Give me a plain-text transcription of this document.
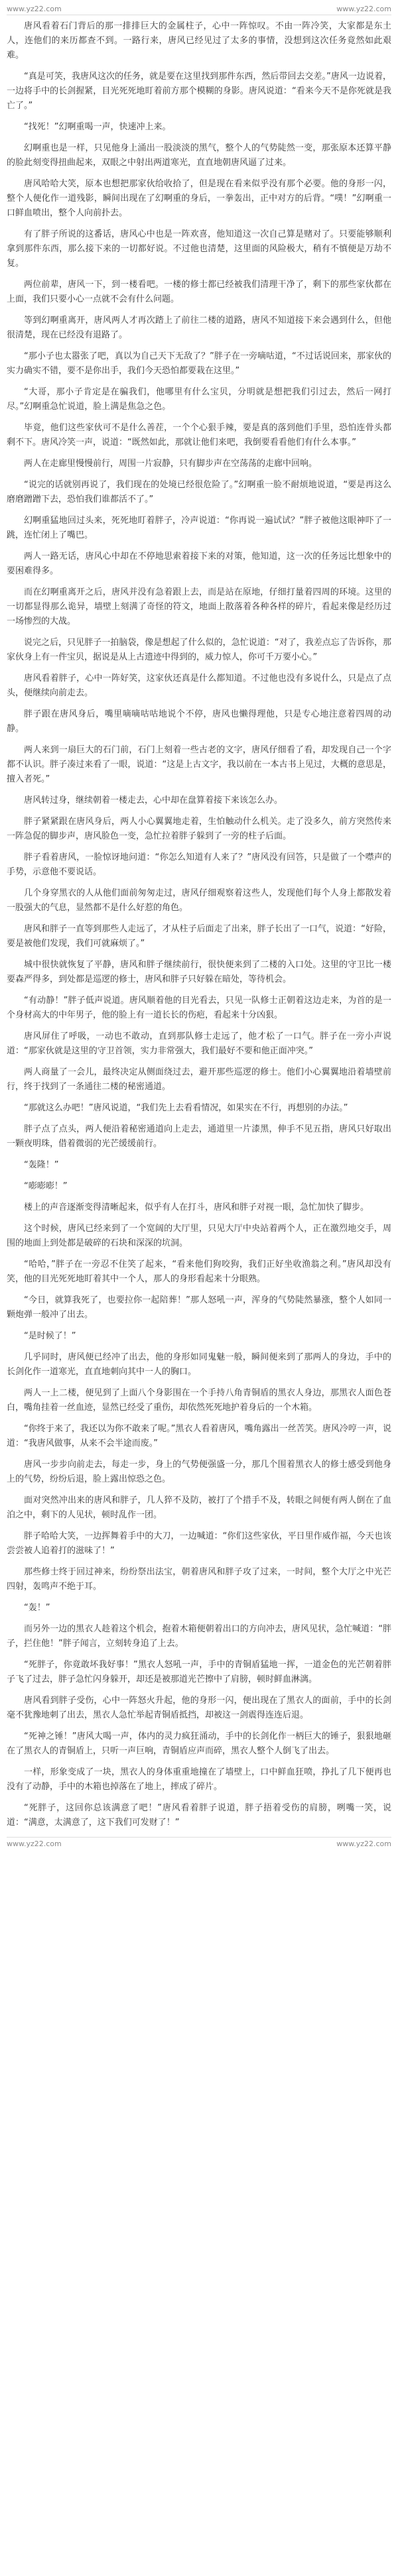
www.yz22.com	www.yz22.com

唐风看着石门背后的那一排排巨大的金属柱子，心中一阵惊叹。不由一阵冷笑，大家都是东土人，连他们的来历都查不到。一路行来，唐风已经见过了太多的事情，没想到这次任务竟然如此艰难。

“真是可笑，我唐风这次的任务，就是要在这里找到那件东西，然后带回去交差。”唐风一边说着，一边将手中的长剑握紧，目光死死地盯着前方那个模糊的身影。唐风说道：“看来今天不是你死就是我亡了。”

“找死！”幻啊重喝一声，快速冲上来。

幻啊重也是一样，只见他身上涌出一股淡淡的黑气，整个人的气势陡然一变，那张原本还算平静的脸此刻变得扭曲起来，双眼之中射出两道寒光，直直地朝唐风逼了过来。

唐风哈哈大笑，原本也想把那家伙给收拾了，但是现在看来似乎没有那个必要。他的身形一闪，整个人便化作一道残影，瞬间出现在了幻啊重的身后，一拳轰出，正中对方的后背。“噗！”幻啊重一口鲜血喷出，整个人向前扑去。

有了胖子所说的这番话，唐风心中也是一阵欢喜，他知道这一次自己算是赌对了。只要能够顺利拿到那件东西，那么接下来的一切都好说。不过他也清楚，这里面的风险极大，稍有不慎便是万劫不复。

两位前辈，唐风一下，到一楼看吧。一楼的修士都已经被我们清理干净了，剩下的那些家伙都在上面，我们只要小心一点就不会有什么问题。

等到幻啊重离开，唐风两人才再次踏上了前往二楼的道路，唐风不知道接下来会遇到什么，但他很清楚，现在已经没有退路了。

“那小子也太嚣张了吧，真以为自己天下无敌了？”胖子在一旁嘀咕道，“不过话说回来，那家伙的实力确实不错，要不是你出手，我们今天恐怕都要栽在这里。”

“大哥，那小子肯定是在骗我们，他哪里有什么宝贝，分明就是想把我们引过去，然后一网打尽。”幻啊重急忙说道，脸上满是焦急之色。

毕竟，他们这些家伙可不是什么善茬，一个个心狠手辣，要是真的落到他们手里，恐怕连骨头都剩不下。唐风冷笑一声，说道：“既然如此，那就让他们来吧，我倒要看看他们有什么本事。”

两人在走廊里慢慢前行，周围一片寂静，只有脚步声在空荡荡的走廊中回响。

“说完的话就别再说了，我们现在的处境已经很危险了。”幻啊重一脸不耐烦地说道，“要是再这么磨磨蹭蹭下去，恐怕我们谁都活不了。”

幻啊重猛地回过头来，死死地盯着胖子，冷声说道：“你再说一遍试试？”胖子被他这眼神吓了一跳，连忙闭上了嘴巴。

两人一路无话，唐风心中却在不停地思索着接下来的对策，他知道，这一次的任务远比想象中的要困难得多。

而在幻啊重离开之后，唐风并没有急着跟上去，而是站在原地，仔细打量着四周的环境。这里的一切都显得那么诡异，墙壁上刻满了奇怪的符文，地面上散落着各种各样的碎片，看起来像是经历过一场惨烈的大战。

说完之后，只见胖子一拍脑袋，像是想起了什么似的，急忙说道：“对了，我差点忘了告诉你，那家伙身上有一件宝贝，据说是从上古遗迹中得到的，威力惊人，你可千万要小心。”

唐风看着胖子，心中一阵好笑，这家伙还真是什么都知道。不过他也没有多说什么，只是点了点头，便继续向前走去。

胖子跟在唐风身后，嘴里嘀嘀咕咕地说个不停，唐风也懒得理他，只是专心地注意着四周的动静。

两人来到一扇巨大的石门前，石门上刻着一些古老的文字，唐风仔细看了看，却发现自己一个字都不认识。胖子凑过来看了一眼，说道：“这是上古文字，我以前在一本古书上见过，大概的意思是，擅入者死。”

唐风转过身，继续朝着一楼走去，心中却在盘算着接下来该怎么办。

胖子紧紧跟在唐风身后，两人小心翼翼地走着，生怕触动什么机关。走了没多久，前方突然传来一阵急促的脚步声，唐风脸色一变，急忙拉着胖子躲到了一旁的柱子后面。

胖子看着唐风，一脸惊讶地问道：“你怎么知道有人来了？”唐风没有回答，只是做了一个噤声的手势，示意他不要说话。

几个身穿黑衣的人从他们面前匆匆走过，唐风仔细观察着这些人，发现他们每个人身上都散发着一股强大的气息，显然都不是什么好惹的角色。

唐风和胖子一直等到那些人走远了，才从柱子后面走了出来，胖子长出了一口气，说道：“好险，要是被他们发现，我们可就麻烦了。”

城中很快就恢复了平静，唐风和胖子继续前行，很快便来到了二楼的入口处。这里的守卫比一楼要森严得多，到处都是巡逻的修士，唐风和胖子只好躲在暗处，等待机会。

“有动静！”胖子低声说道。唐风顺着他的目光看去，只见一队修士正朝着这边走来，为首的是一个身材高大的中年男子，他的脸上有一道长长的伤疤，看起来十分凶狠。

唐风屏住了呼吸，一动也不敢动，直到那队修士走远了，他才松了一口气。胖子在一旁小声说道：“那家伙就是这里的守卫首领，实力非常强大，我们最好不要和他正面冲突。”

两人商量了一会儿，最终决定从侧面绕过去，避开那些巡逻的修士。他们小心翼翼地沿着墙壁前行，终于找到了一条通往二楼的秘密通道。

“那就这么办吧！”唐风说道，“我们先上去看看情况，如果实在不行，再想别的办法。”

胖子点了点头，两人便沿着秘密通道向上走去，通道里一片漆黑，伸手不见五指，唐风只好取出一颗夜明珠，借着微弱的光芒缓缓前行。

“轰隆！”

“嘭嘭嘭！”

楼上的声音逐渐变得清晰起来，似乎有人在打斗，唐风和胖子对视一眼，急忙加快了脚步。

这个时候，唐风已经来到了一个宽阔的大厅里，只见大厅中央站着两个人，正在激烈地交手，周围的地面上到处都是破碎的石块和深深的坑洞。

“哈哈，”胖子在一旁忍不住笑了起来，“看来他们狗咬狗，我们正好坐收渔翁之利。”唐风却没有笑，他的目光死死地盯着其中一个人，那人的身形看起来十分眼熟。

“今日，就算我死了，也要拉你一起陪葬！”那人怒吼一声，浑身的气势陡然暴涨，整个人如同一颗炮弹一般冲了出去。

“是时候了！”

几乎同时，唐风便已经冲了出去，他的身形如同鬼魅一般，瞬间便来到了那两人的身边，手中的长剑化作一道寒光，直直地刺向其中一人的胸口。

两人一上二楼，便见到了上面八个身影围在一个手持八角青铜盾的黑衣人身边，那黑衣人面色苍白，嘴角挂着一丝血迹，显然已经受了重伤，却依然死死地护着身后的一个木箱。

“你终于来了，我还以为你不敢来了呢。”黑衣人看着唐风，嘴角露出一丝苦笑。唐风冷哼一声，说道：“我唐风做事，从来不会半途而废。”

唐风一步步向前走去，每走一步，身上的气势便强盛一分，那几个围着黑衣人的修士感受到他身上的气势，纷纷后退，脸上露出惊恐之色。

面对突然冲出来的唐风和胖子，几人猝不及防，被打了个措手不及，转眼之间便有两人倒在了血泊之中，剩下的人见状，顿时乱作一团。

胖子哈哈大笑，一边挥舞着手中的大刀，一边喊道：“你们这些家伙，平日里作威作福，今天也该尝尝被人追着打的滋味了！”

那些修士终于回过神来，纷纷祭出法宝，朝着唐风和胖子攻了过来，一时间，整个大厅之中光芒四射，轰鸣声不绝于耳。

“轰！”

而另外一边的黑衣人趁着这个机会，抱着木箱便朝着出口的方向冲去，唐风见状，急忙喊道：“胖子，拦住他！”胖子闻言，立刻转身追了上去。

“死胖子，你竟敢坏我好事！”黑衣人怒吼一声，手中的青铜盾猛地一挥，一道金色的光芒朝着胖子飞了过去，胖子急忙闪身躲开，却还是被那道光芒擦中了肩膀，顿时鲜血淋漓。

唐风看到胖子受伤，心中一阵怒火升起，他的身形一闪，便出现在了黑衣人的面前，手中的长剑毫不犹豫地刺了出去，黑衣人急忙举起青铜盾抵挡，却被这一剑震得连连后退。

“死神之锤！”唐风大喝一声，体内的灵力疯狂涌动，手中的长剑化作一柄巨大的锤子，狠狠地砸在了黑衣人的青铜盾上，只听一声巨响，青铜盾应声而碎，黑衣人整个人倒飞了出去。

一样，形象变成了一块，黑衣人的身体重重地撞在了墙壁上，口中鲜血狂喷，挣扎了几下便再也没有了动静，手中的木箱也掉落在了地上，摔成了碎片。

“死胖子，这回你总该满意了吧！”唐风看着胖子说道，胖子捂着受伤的肩膀，咧嘴一笑，说道：“满意，太满意了，这下我们可发财了！”

www.yz22.com	www.yz22.com
